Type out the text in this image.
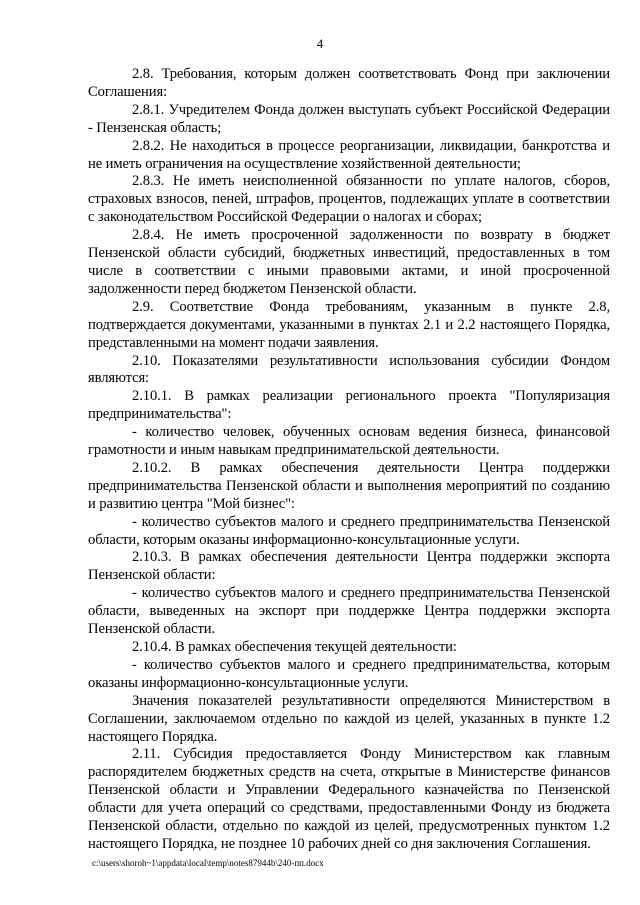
4

2.8. Требования, которым должен соответствовать Фонд при заключении Соглашения:

2.8.1. Учредителем Фонда должен выступать субъект Российской Федерации - Пензенская область;

2.8.2. Не находиться в процессе реорганизации, ликвидации, банкротства и не иметь ограничения на осуществление хозяйственной деятельности;

2.8.3. Не иметь неисполненной обязанности по уплате налогов, сборов, страховых взносов, пеней, штрафов, процентов, подлежащих уплате в соответствии с законодательством Российской Федерации о налогах и сборах;

2.8.4. Не иметь просроченной задолженности по возврату в бюджет Пензенской области субсидий, бюджетных инвестиций, предоставленных в том числе в соответствии с иными правовыми актами, и иной просроченной задолженности перед бюджетом Пензенской области.

2.9. Соответствие Фонда требованиям, указанным в пункте 2.8, подтверждается документами, указанными в пунктах 2.1 и 2.2 настоящего Порядка, представленными на момент подачи заявления.

2.10. Показателями результативности использования субсидии Фондом являются:

2.10.1. В рамках реализации регионального проекта "Популяризация предпринимательства":

- количество человек, обученных основам ведения бизнеса, финансовой грамотности и иным навыкам предпринимательской деятельности.

2.10.2. В рамках обеспечения деятельности Центра поддержки предпринимательства Пензенской области и выполнения мероприятий по созданию и развитию центра "Мой бизнес":

- количество субъектов малого и среднего предпринимательства Пензенской области, которым оказаны информационно-консультационные услуги.

2.10.3. В рамках обеспечения деятельности Центра поддержки экспорта Пензенской области:

- количество субъектов малого и среднего предпринимательства Пензенской области, выведенных на экспорт при поддержке Центра поддержки экспорта Пензенской области.

2.10.4. В рамках обеспечения текущей деятельности:

- количество субъектов малого и среднего предпринимательства, которым оказаны информационно-консультационные услуги.

Значения показателей результативности определяются Министерством в Соглашении, заключаемом отдельно по каждой из целей, указанных в пункте 1.2 настоящего Порядка.

2.11. Субсидия предоставляется Фонду Министерством как главным распорядителем бюджетных средств на счета, открытые в Министерстве финансов Пензенской области и Управлении Федерального казначейства по Пензенской области для учета операций со средствами, предоставленными Фонду из бюджета Пензенской области, отдельно по каждой из целей, предусмотренных пунктом 1.2 настоящего Порядка, не позднее 10 рабочих дней со дня заключения Соглашения.

c:\users\shoroh~1\appdata\local\temp\notes87944b\240-пп.docx
